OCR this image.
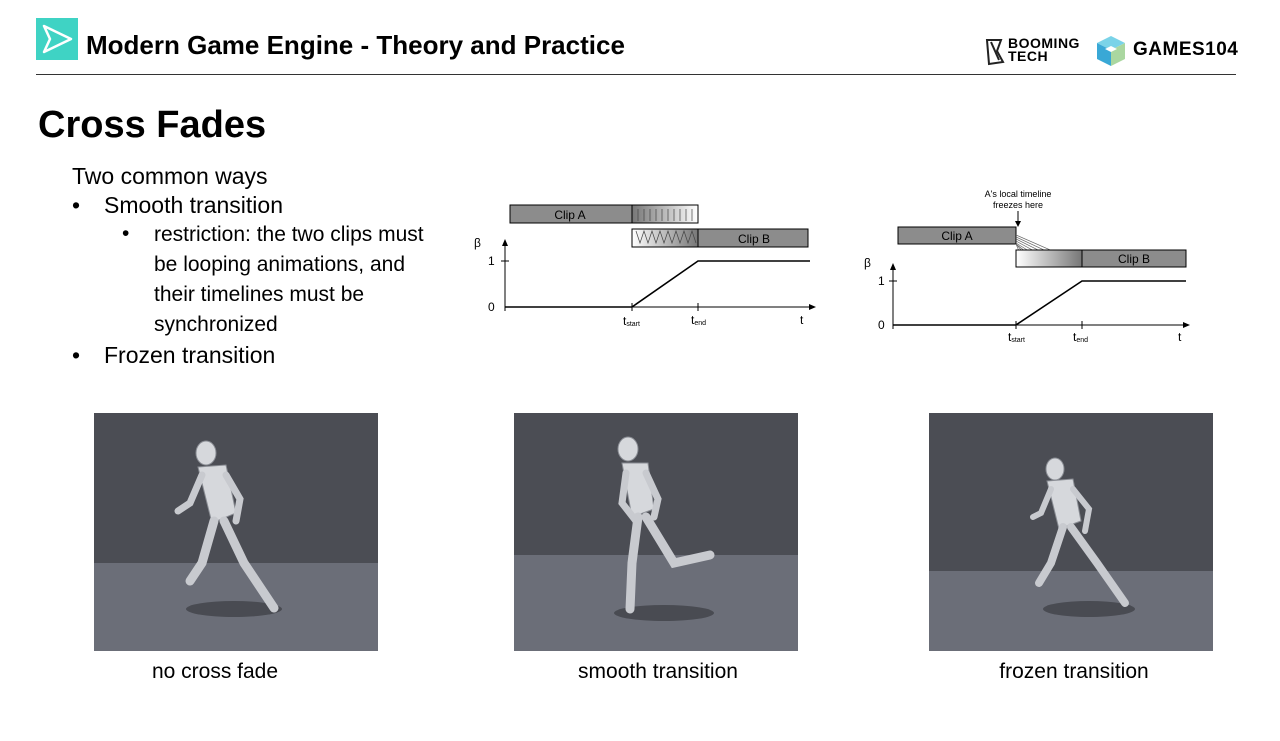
Modern Game Engine - Theory and Practice	BOOMING
TECH	GAMES104
Cross Fades
Two common ways
• Smooth transition
• restriction: the two clips must
be looping animations, and
their timelines must be
synchronized
• Frozen transition
Clip A
Clip B
β
1
0
tstart	tend	t
A's local timeline
freezes here
Clip A
Clip B
β
1
0
tstart	tend	t
no cross fade	smooth transition	frozen transition
